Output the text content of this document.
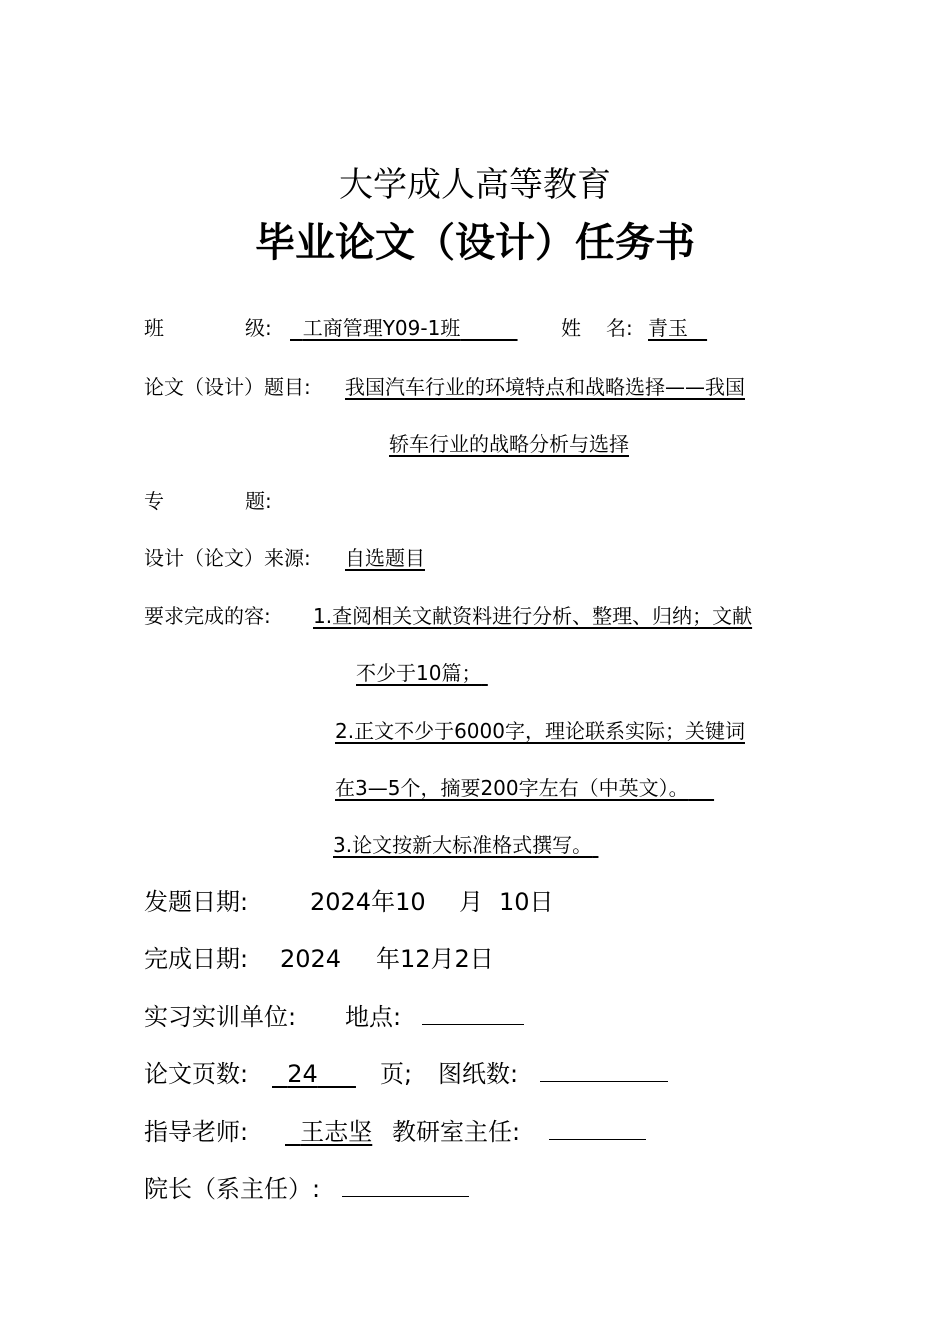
大学成人高等教育
毕业论文（设计）任务书
班	级:	工商管理Y09-1班	姓 名: 青玉
论文（设计）题目: 我国汽车行业的环境特点和战略选择——我国
轿车行业的战略分析与选择
专	题:
设计（论文）来源: 自选题目
要求完成的容: 1.查阅相关文献资料进行分析、整理、归纳；文献
不少于10篇；
2.正文不少于6000字，理论联系实际；关键词
在3—5个，摘要200字左右（中英文）。
3.论文按新大标准格式撰写。
发题日期:	2024年10 月 10日
完成日期: 2024 年12月2日
实习实训单位: 地点:
论文页数:	24	页; 图纸数:
指导老师:	王志坚 教研室主任:
院长（系主任）:
